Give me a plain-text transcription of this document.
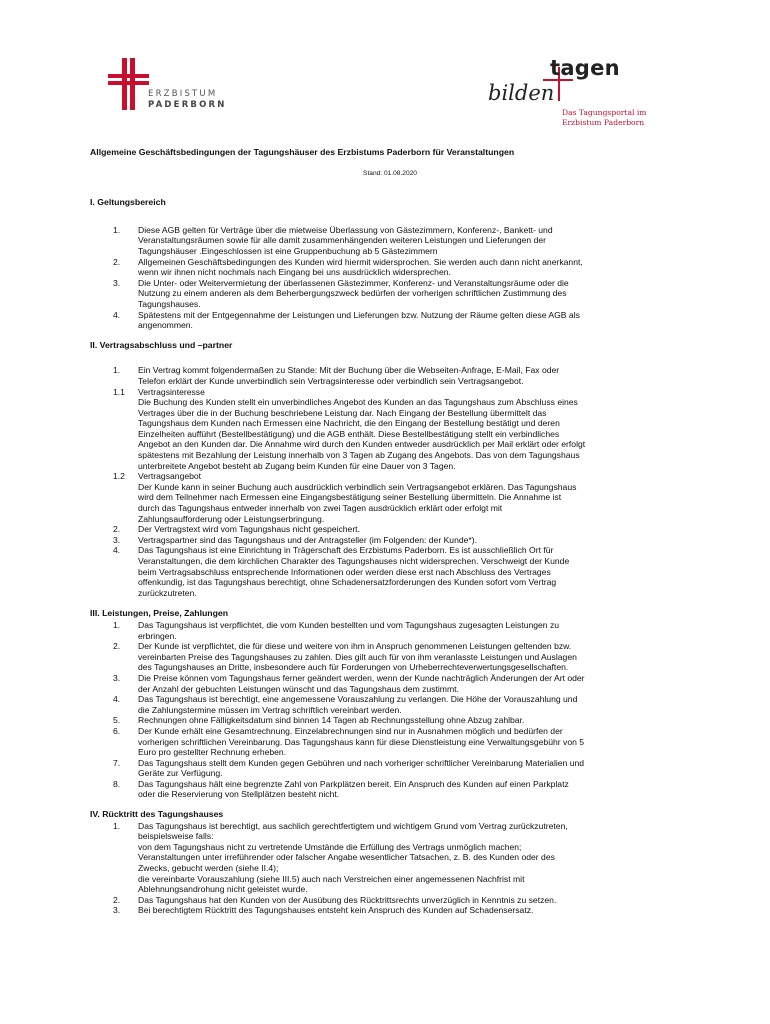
ERZBISTUM
PADERBORN
tagen
bilden
Das Tagungsportal im
Erzbistum Paderborn

Allgemeine Geschäftsbedingungen der Tagungshäuser des Erzbistums Paderborn für Veranstaltungen

Stand: 01.08.2020

I. Geltungsbereich

1.	Diese AGB gelten für Verträge über die mietweise Überlassung von Gästezimmern, Konferenz-, Bankett- und
Veranstaltungsräumen sowie für alle damit zusammenhängenden weiteren Leistungen und Lieferungen der
Tagungshäuser .Eingeschlossen ist eine Gruppenbuchung ab 5 Gästezimmern
2.	Allgemeinen Geschäftsbedingungen des Kunden wird hiermit widersprochen. Sie werden auch dann nicht anerkannt,
wenn wir ihnen nicht nochmals nach Eingang bei uns ausdrücklich widersprechen.
3.	Die Unter- oder Weitervermietung der überlassenen Gästezimmer, Konferenz- und Veranstaltungsräume oder die
Nutzung zu einem anderen als dem Beherbergungszweck bedürfen der vorherigen schriftlichen Zustimmung des
Tagungshauses.
4.	Spätestens mit der Entgegennahme der Leistungen und Lieferungen bzw. Nutzung der Räume gelten diese AGB als
angenommen.

II. Vertragsabschluss und –partner

1.	Ein Vertrag kommt folgendermaßen zu Stande: Mit der Buchung über die Webseiten-Anfrage, E-Mail, Fax oder
Telefon erklärt der Kunde unverbindlich sein Vertragsinteresse oder verbindlich sein Vertragsangebot.
1.1	Vertragsinteresse
Die Buchung des Kunden stellt ein unverbindliches Angebot des Kunden an das Tagungshaus zum Abschluss eines
Vertrages über die in der Buchung beschriebene Leistung dar. Nach Eingang der Bestellung übermittelt das
Tagungshaus dem Kunden nach Ermessen eine Nachricht, die den Eingang der Bestellung bestätigt und deren
Einzelheiten aufführt (Bestellbestätigung) und die AGB enthält. Diese Bestellbestätigung stellt ein verbindliches
Angebot an den Kunden dar. Die Annahme wird durch den Kunden entweder ausdrücklich per Mail erklärt oder erfolgt
spätestens mit Bezahlung der Leistung innerhalb von 3 Tagen ab Zugang des Angebots. Das von dem Tagungshaus
unterbreitete Angebot besteht ab Zugang beim Kunden für eine Dauer von 3 Tagen.
1.2	Vertragsangebot
Der Kunde kann in seiner Buchung auch ausdrücklich verbindlich sein Vertragsangebot erklären. Das Tagungshaus
wird dem Teilnehmer nach Ermessen eine Eingangsbestätigung seiner Bestellung übermitteln. Die Annahme ist
durch das Tagungshaus entweder innerhalb von zwei Tagen ausdrücklich erklärt oder erfolgt mit
Zahlungsaufforderung oder Leistungserbringung.
2.	Der Vertragstext wird vom Tagungshaus nicht gespeichert.
3.	Vertragspartner sind das Tagungshaus und der Antragsteller (im Folgenden: der Kunde*).
4.	Das Tagungshaus ist eine Einrichtung in Trägerschaft des Erzbistums Paderborn. Es ist ausschließlich Ort für
Veranstaltungen, die dem kirchlichen Charakter des Tagungshauses nicht widersprechen. Verschweigt der Kunde
beim Vertragsabschluss entsprechende Informationen oder werden diese erst nach Abschluss des Vertrages
offenkundig, ist das Tagungshaus berechtigt, ohne Schadenersatzforderungen des Kunden sofort vom Vertrag
zurückzutreten.

III. Leistungen, Preise, Zahlungen

1.	Das Tagungshaus ist verpflichtet, die vom Kunden bestellten und vom Tagungshaus zugesagten Leistungen zu
erbringen.
2.	Der Kunde ist verpflichtet, die für diese und weitere von ihm in Anspruch genommenen Leistungen geltenden bzw.
vereinbarten Preise des Tagungshauses zu zahlen. Dies gilt auch für von ihm veranlasste Leistungen und Auslagen
des Tagungshauses an Dritte, insbesondere auch für Forderungen von Urheberrechteverwertungsgesellschaften.
3.	Die Preise können vom Tagungshaus ferner geändert werden, wenn der Kunde nachträglich Änderungen der Art oder
der Anzahl der gebuchten Leistungen wünscht und das Tagungshaus dem zustimmt.
4.	Das Tagungshaus ist berechtigt, eine angemessene Vorauszahlung zu verlangen. Die Höhe der Vorauszahlung und
die Zahlungstermine müssen im Vertrag schriftlich vereinbart werden.
5.	Rechnungen ohne Fälligkeitsdatum sind binnen 14 Tagen ab Rechnungsstellung ohne Abzug zahlbar.
6.	Der Kunde erhält eine Gesamtrechnung. Einzelabrechnungen sind nur in Ausnahmen möglich und bedürfen der
vorherigen schriftlichen Vereinbarung. Das Tagungshaus kann für diese Dienstleistung eine Verwaltungsgebühr von 5
Euro pro gestellter Rechnung erheben.
7.	Das Tagungshaus stellt dem Kunden gegen Gebühren und nach vorheriger schriftlicher Vereinbarung Materialien und
Geräte zur Verfügung.
8.	Das Tagungshaus hält eine begrenzte Zahl von Parkplätzen bereit. Ein Anspruch des Kunden auf einen Parkplatz
oder die Reservierung von Stellplätzen besteht nicht.

IV. Rücktritt des Tagungshauses

1.	Das Tagungshaus ist berechtigt, aus sachlich gerechtfertigtem und wichtigem Grund vom Vertrag zurückzutreten,
beispielsweise falls:
von dem Tagungshaus nicht zu vertretende Umstände die Erfüllung des Vertrags unmöglich machen;
Veranstaltungen unter irreführender oder falscher Angabe wesentlicher Tatsachen, z. B. des Kunden oder des
Zwecks, gebucht werden (siehe II.4);
die vereinbarte Vorauszahlung (siehe III.5) auch nach Verstreichen einer angemessenen Nachfrist mit
Ablehnungsandrohung nicht geleistet wurde.
2.	Das Tagungshaus hat den Kunden von der Ausübung des Rücktrittsrechts unverzüglich in Kenntnis zu setzen.
3.	Bei berechtigtem Rücktritt des Tagungshauses entsteht kein Anspruch des Kunden auf Schadensersatz.
